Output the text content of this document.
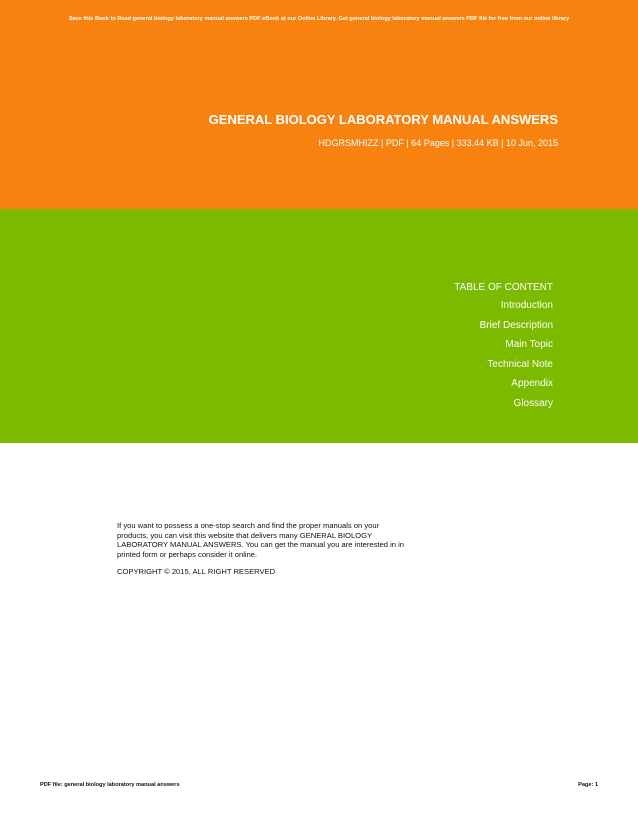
Save this Book to Read general biology laboratory manual answers PDF eBook at our Online Library. Get general biology laboratory manual answers PDF file for free from our online library
GENERAL BIOLOGY LABORATORY MANUAL ANSWERS
HDGRSMHIZZ | PDF | 64 Pages | 333.44 KB | 10 Jun, 2015
TABLE OF CONTENT
Introduction
Brief Description
Main Topic
Technical Note
Appendix
Glossary

If you want to possess a one-stop search and find the proper manuals on your products, you can visit this website that delivers many GENERAL BIOLOGY LABORATORY MANUAL ANSWERS. You can get the manual you are interested in in printed form or perhaps consider it online.

COPYRIGHT © 2015, ALL RIGHT RESERVED

PDF file: general biology laboratory manual answers	Page: 1
